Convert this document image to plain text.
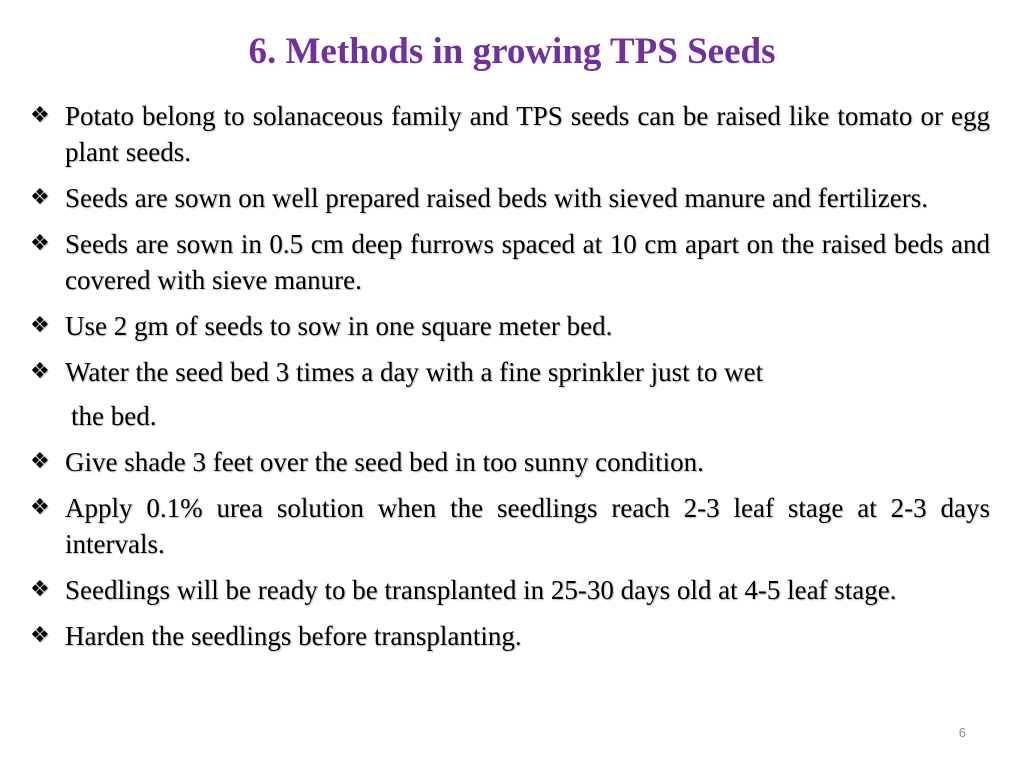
6. Methods in growing TPS Seeds
❖ Potato belong to solanaceous family and TPS seeds can be raised like tomato or egg plant seeds.
❖ Seeds are sown on well prepared raised beds with sieved manure and fertilizers.
❖ Seeds are sown in 0.5 cm deep furrows spaced at 10 cm apart on the raised beds and covered with sieve manure.
❖ Use 2 gm of seeds to sow in one square meter bed.
❖ Water the seed bed 3 times a day with a fine sprinkler just to wet
the bed.
❖ Give shade 3 feet over the seed bed in too sunny condition.
❖ Apply 0.1% urea solution when the seedlings reach 2-3 leaf stage at 2-3 days intervals.
❖ Seedlings will be ready to be transplanted in 25-30 days old at 4-5 leaf stage.
❖ Harden the seedlings before transplanting.
6
